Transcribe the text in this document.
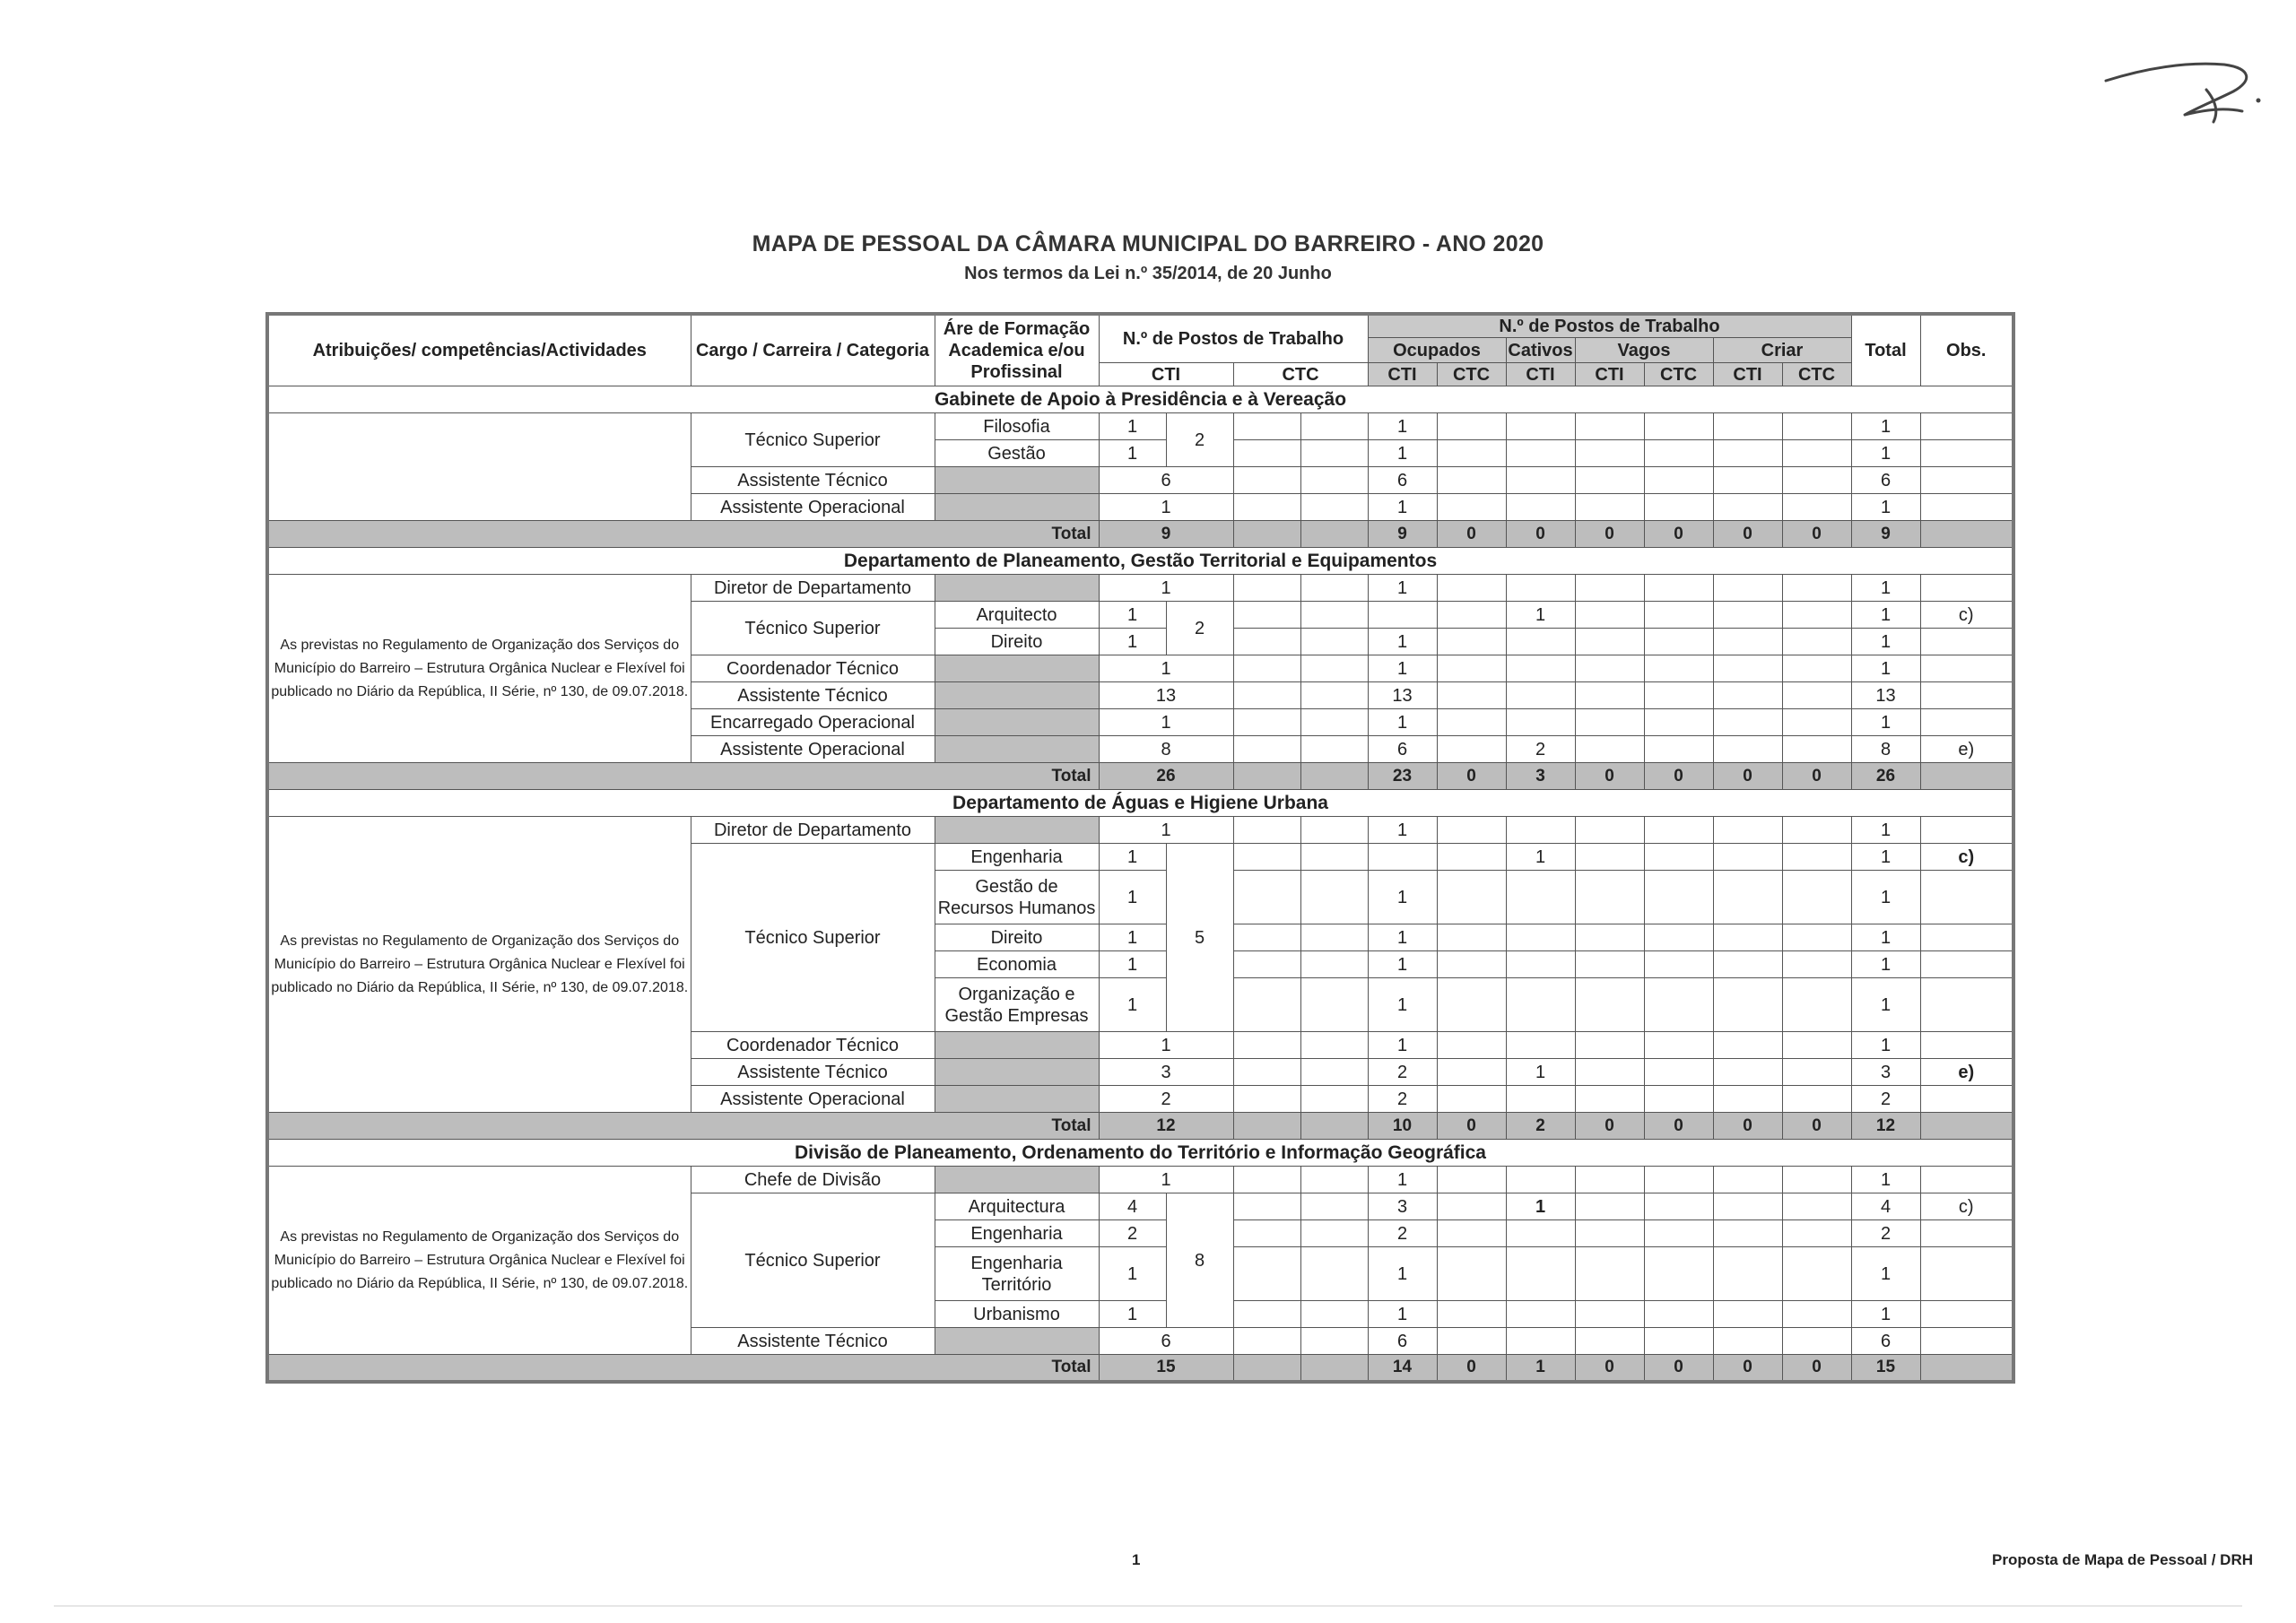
MAPA DE PESSOAL DA CÂMARA MUNICIPAL DO BARREIRO - ANO 2020
Nos termos da Lei n.º 35/2014, de 20 Junho
Atribuições/ competências/Actividades	Cargo / Carreira / Categoria	Áre de Formação Academica e/ou Profissinal	N.º de Postos de Trabalho				N.º de Postos de Trabalho							Total	Obs.
							Ocupados		Cativos	Vagos		Criar			
			CTI		CTC		CTI	CTC	CTI	CTI	CTC	CTI	CTC		
Gabinete de Apoio à Presidência e à Vereação															
	Técnico Superior	Filosofia	1	2			1							1	
		Gestão	1				1							1	
	Assistente Técnico		6				6							6	
	Assistente Operacional		1				1							1	
Total			9				9	0	0	0	0	0	0	9	
Departamento de Planeamento, Gestão Territorial e Equipamentos															
As previstas no Regulamento de Organização dos Serviços do Município do Barreiro – Estrutura Orgânica Nuclear e Flexível foi publicado no Diário da República, II Série, nº 130, de 09.07.2018.	Diretor de Departamento		1				1							1	
	Técnico Superior	Arquitecto	1	2					1					1	c)
		Direito	1				1							1	
	Coordenador Técnico		1				1							1	
	Assistente Técnico		13				13							13	
	Encarregado Operacional		1				1							1	
	Assistente Operacional		8				6		2					8	e)
Total			26				23	0	3	0	0	0	0	26	
Departamento de Águas e Higiene Urbana															
As previstas no Regulamento de Organização dos Serviços do Município do Barreiro – Estrutura Orgânica Nuclear e Flexível foi publicado no Diário da República, II Série, nº 130, de 09.07.2018.	Diretor de Departamento		1				1							1	
	Técnico Superior	Engenharia	1	5					1					1	c)
		Gestão de Recursos Humanos	1				1							1	
		Direito	1				1							1	
		Economia	1				1							1	
		Organização e Gestão Empresas	1				1							1	
	Coordenador Técnico		1				1							1	
	Assistente Técnico		3				2		1					3	e)
	Assistente Operacional		2				2							2	
Total			12				10	0	2	0	0	0	0	12	
Divisão de Planeamento, Ordenamento do Território e Informação Geográfica															
As previstas no Regulamento de Organização dos Serviços do Município do Barreiro – Estrutura Orgânica Nuclear e Flexível foi publicado no Diário da República, II Série, nº 130, de 09.07.2018.	Chefe de Divisão		1				1							1	
	Técnico Superior	Arquitectura	4	8			3		1					4	c)
		Engenharia	2				2							2	
		Engenharia Território	1				1							1	
		Urbanismo	1				1							1	
	Assistente Técnico		6				6							6	
Total			15				14	0	1	0	0	0	0	15	
1	Proposta de Mapa de Pessoal / DRH
